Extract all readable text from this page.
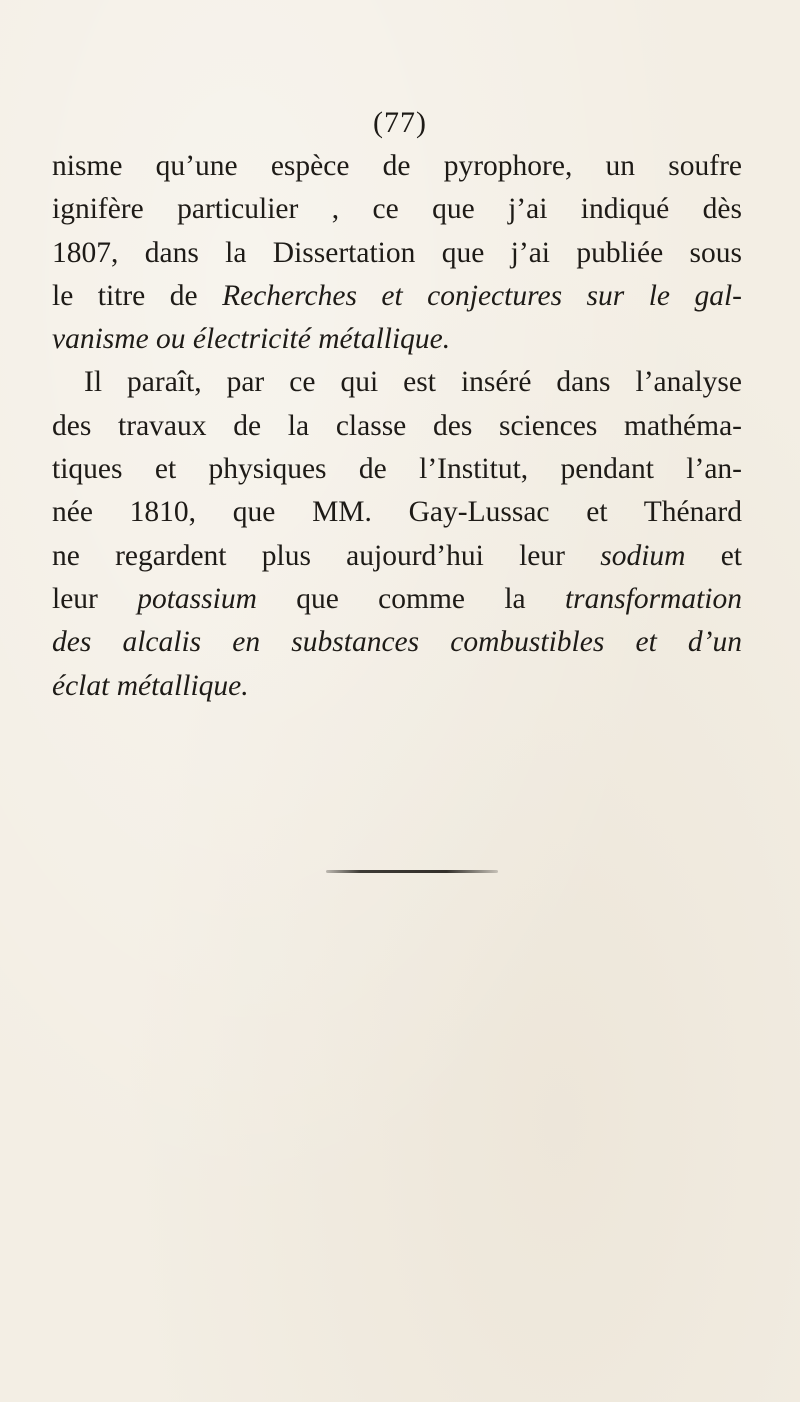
(77)
nisme qu’une espèce de pyrophore, un soufre
ignifère particulier , ce que j’ai indiqué dès
1807, dans la Dissertation que j’ai publiée sous
le titre de Recherches et conjectures sur le gal-
vanisme ou électricité métallique.
Il paraît, par ce qui est inséré dans l’analyse
des travaux de la classe des sciences mathéma-
tiques et physiques de l’Institut, pendant l’an-
née 1810, que MM. Gay-Lussac et Thénard
ne regardent plus aujourd’hui leur sodium et
leur potassium que comme la transformation
des alcalis en substances combustibles et d’un
éclat métallique.
